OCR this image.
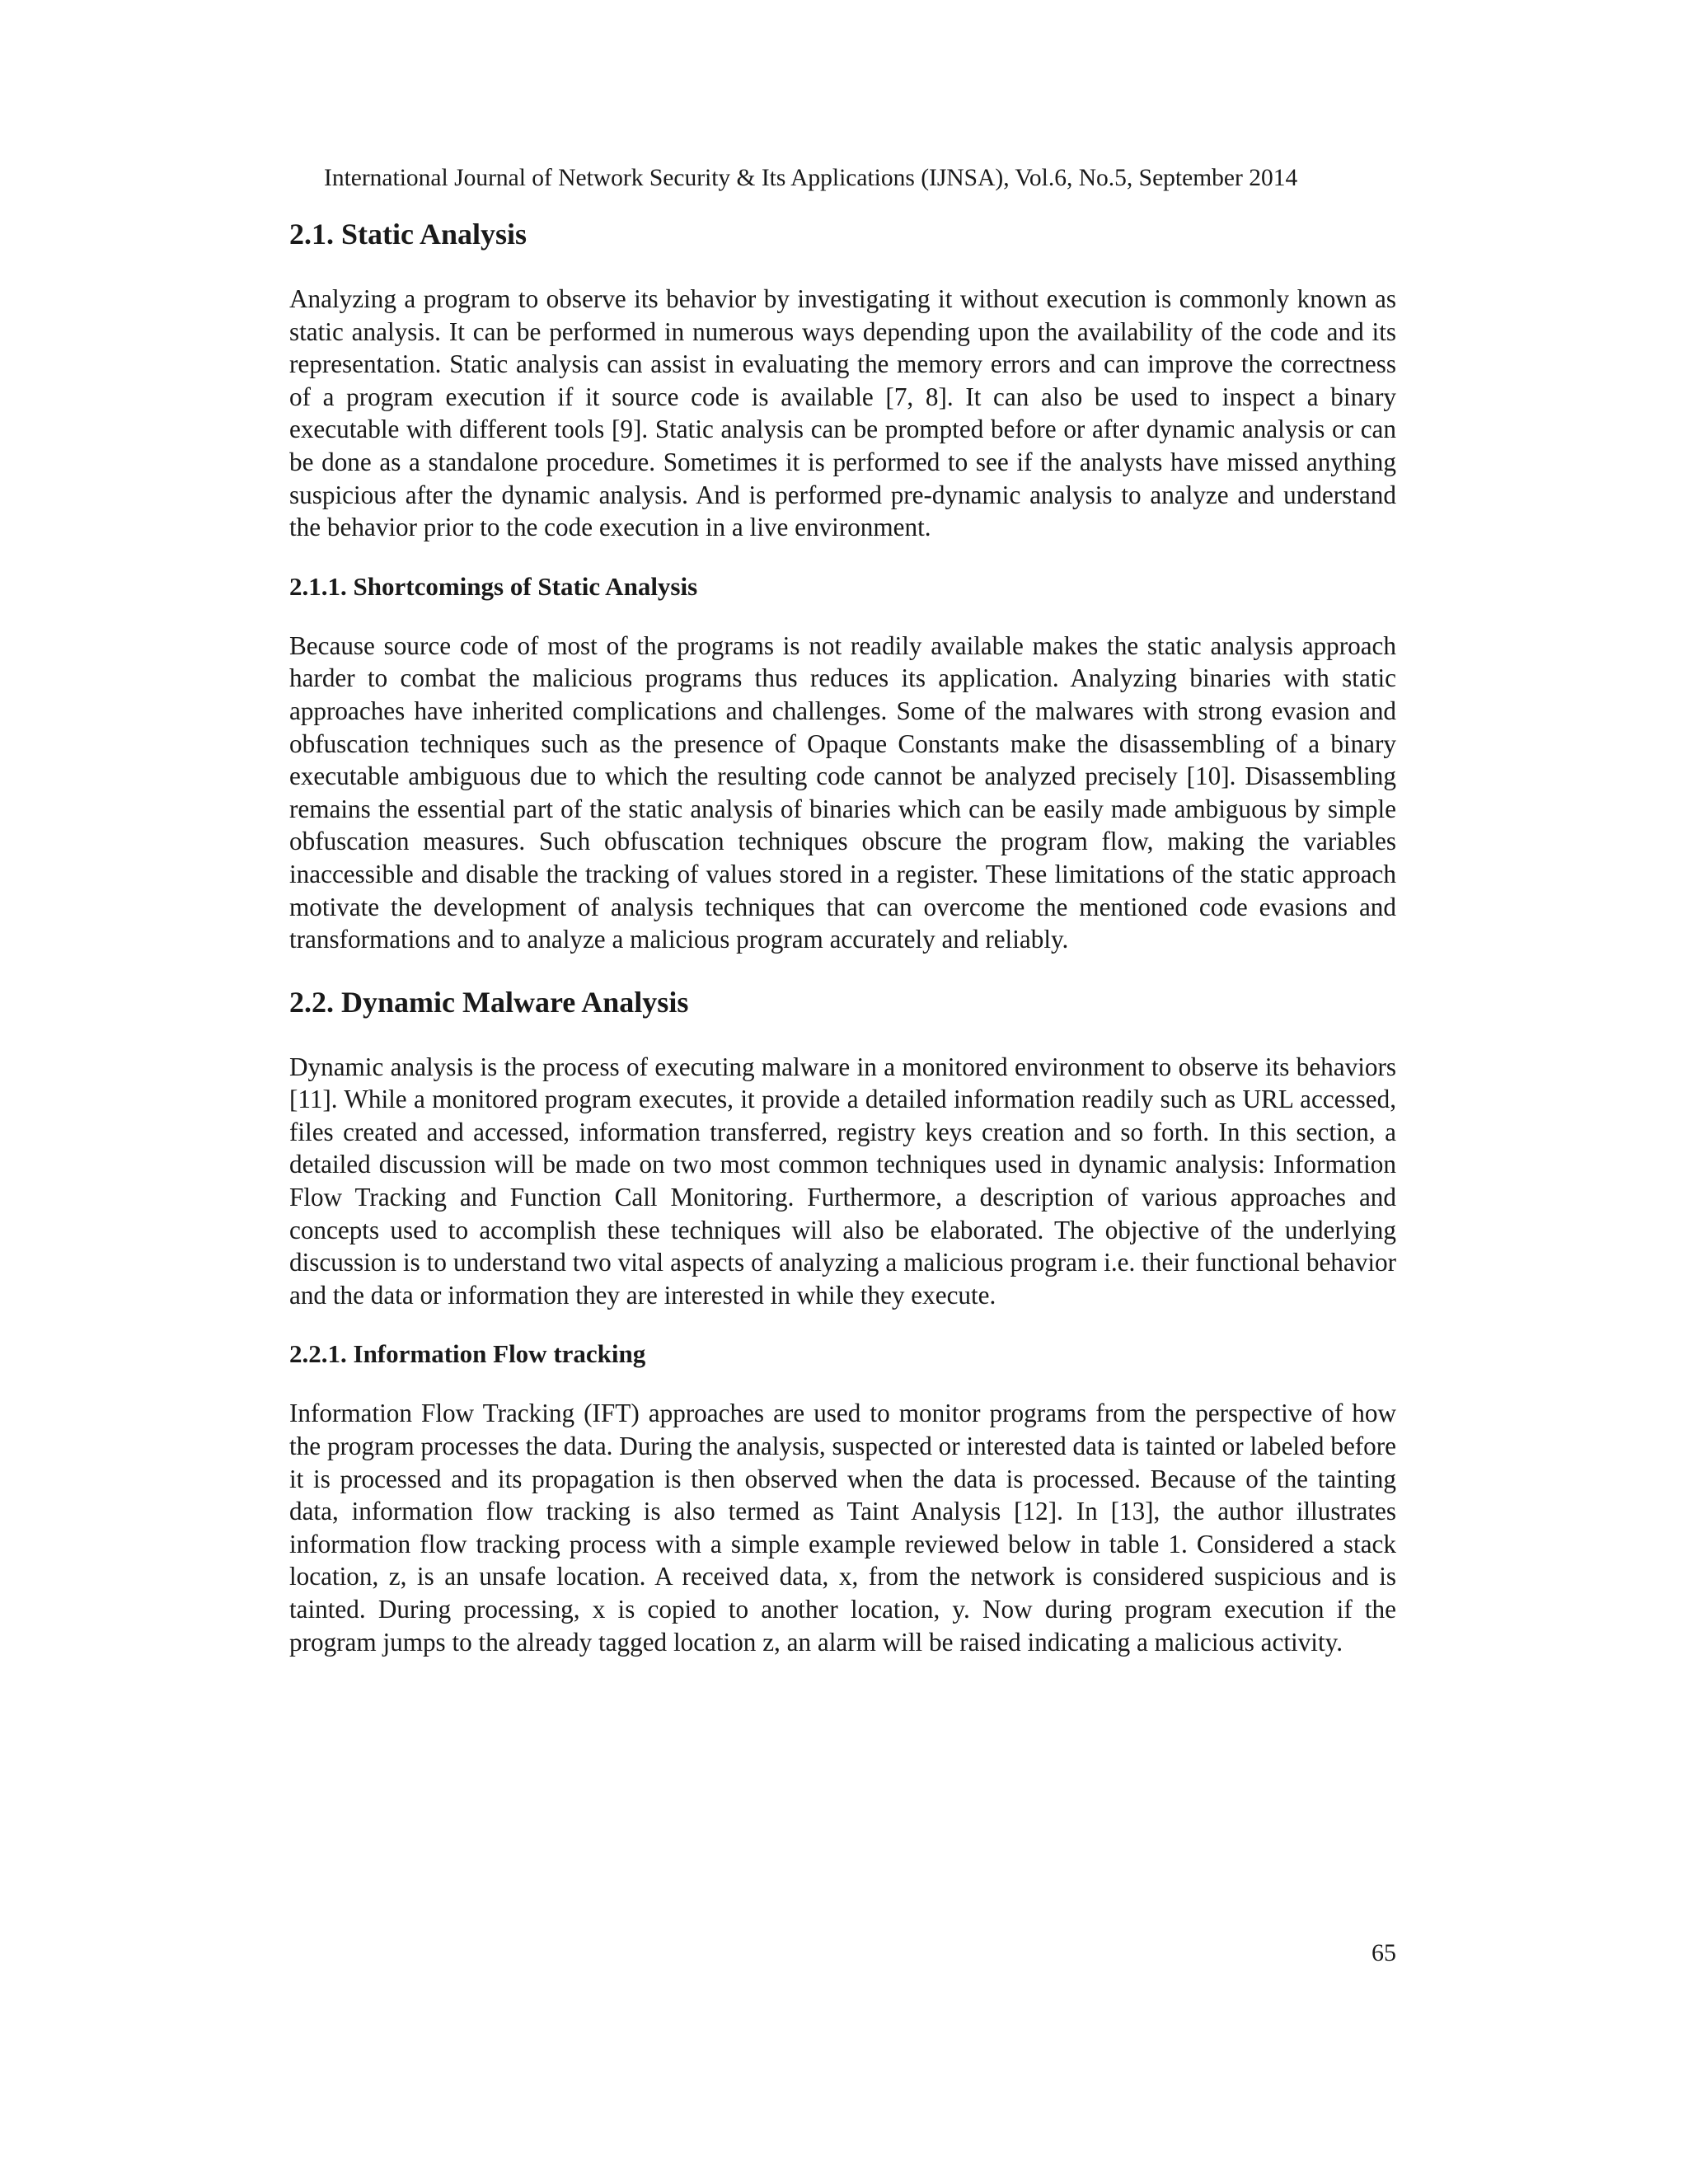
International Journal of Network Security & Its Applications (IJNSA), Vol.6, No.5, September 2014
2.1. Static Analysis

Analyzing a program to observe its behavior by investigating it without execution is commonly known as static analysis. It can be performed in numerous ways depending upon the availability of the code and its representation. Static analysis can assist in evaluating the memory errors and can improve the correctness of a program execution if it source code is available [7, 8]. It can also be used to inspect a binary executable with different tools [9]. Static analysis can be prompted before or after dynamic analysis or can be done as a standalone procedure. Sometimes it is performed to see if the analysts have missed anything suspicious after the dynamic analysis. And is performed pre-dynamic analysis to analyze and understand the behavior prior to the code execution in a live environment.

2.1.1. Shortcomings of Static Analysis

Because source code of most of the programs is not readily available makes the static analysis approach harder to combat the malicious programs thus reduces its application. Analyzing binaries with static approaches have inherited complications and challenges. Some of the malwares with strong evasion and obfuscation techniques such as the presence of Opaque Constants make the disassembling of a binary executable ambiguous due to which the resulting code cannot be analyzed precisely [10]. Disassembling remains the essential part of the static analysis of binaries which can be easily made ambiguous by simple obfuscation measures. Such obfuscation techniques obscure the program flow, making the variables inaccessible and disable the tracking of values stored in a register. These limitations of the static approach motivate the development of analysis techniques that can overcome the mentioned code evasions and transformations and to analyze a malicious program accurately and reliably.

2.2. Dynamic Malware Analysis

Dynamic analysis is the process of executing malware in a monitored environment to observe its behaviors [11]. While a monitored program executes, it provide a detailed information readily such as URL accessed, files created and accessed, information transferred, registry keys creation and so forth. In this section, a detailed discussion will be made on two most common techniques used in dynamic analysis: Information Flow Tracking and Function Call Monitoring. Furthermore, a description of various approaches and concepts used to accomplish these techniques will also be elaborated. The objective of the underlying discussion is to understand two vital aspects of analyzing a malicious program i.e. their functional behavior and the data or information they are interested in while they execute.

2.2.1. Information Flow tracking

Information Flow Tracking (IFT) approaches are used to monitor programs from the perspective of how the program processes the data. During the analysis, suspected or interested data is tainted or labeled before it is processed and its propagation is then observed when the data is processed. Because of the tainting data, information flow tracking is also termed as Taint Analysis [12]. In [13], the author illustrates information flow tracking process with a simple example reviewed below in table 1. Considered a stack location, z, is an unsafe location. A received data, x, from the network is considered suspicious and is tainted. During processing, x is copied to another location, y. Now during program execution if the program jumps to the already tagged location z, an alarm will be raised indicating a malicious activity.

65
